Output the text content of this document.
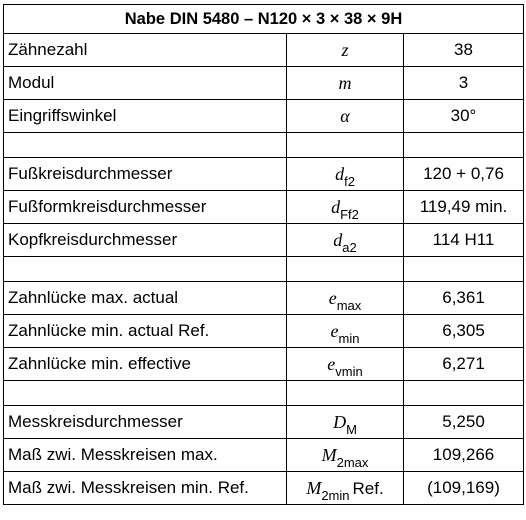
Nabe DIN 5480 – N120 × 3 × 38 × 9H		
Zähnezahl	z	38
Modul	m	3
Eingriffswinkel	α	30°

Fußkreisdurchmesser	$d_{f2}$	120 + 0,76
Fußformkreisdurchmesser	$d_{Ff2}$	119,49 min.
Kopfkreisdurchmesser	$d_{a2}$	114 H11

Zahnlücke max. actual	$e_{max}$	6,361
Zahnlücke min. actual Ref.	$e_{min}$	6,305
Zahnlücke min. effective	$e_{vmin}$	6,271

Messkreisdurchmesser	$D_M$	5,250
Maß zwi. Messkreisen max.	$M_{2max}$	109,266
Maß zwi. Messkreisen min. Ref.	$M_{2min}$ Ref.	(109,169)
